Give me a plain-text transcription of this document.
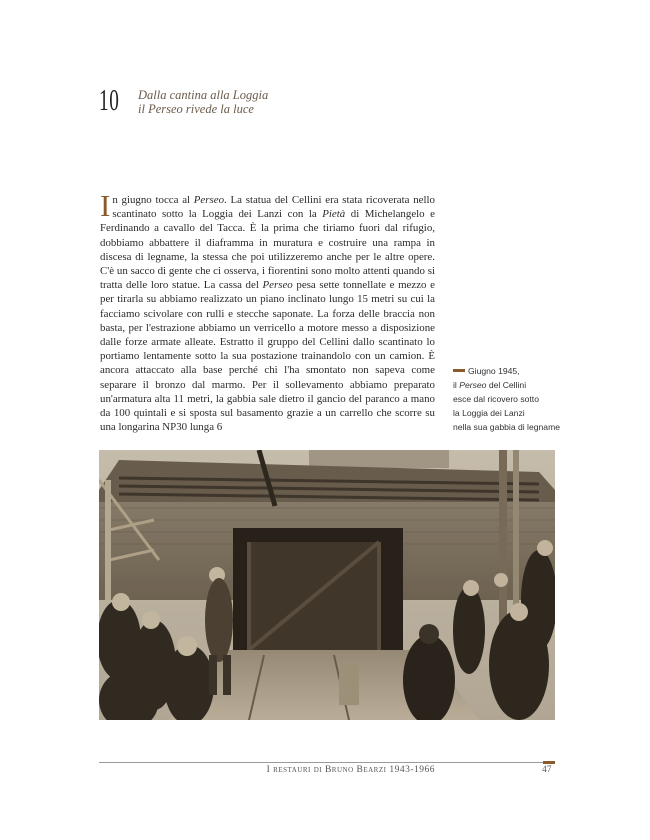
10 Dalla cantina alla Loggia
il Perseo rivede la luce

In giugno tocca al Perseo. La statua del Cellini era stata ricoverata nello scantinato sotto la Loggia dei Lanzi con la Pietà di Michelangelo e Ferdinando a cavallo del Tacca. È la prima che tiriamo fuori dal rifugio, dobbiamo abbattere il diaframma in muratura e costruire una rampa in discesa di legname, la stessa che poi utilizzeremo anche per le altre opere. C'è un sacco di gente che ci osserva, i fiorentini sono molto attenti quando si tratta delle loro statue. La cassa del Perseo pesa sette tonnellate e mezzo e per tirarla su abbiamo realizzato un piano inclinato lungo 15 metri su cui la facciamo scivolare con rulli e stecche saponate. La forza delle braccia non basta, per l'estrazione abbiamo un verricello a motore messo a disposizione dalle forze armate alleate. Estratto il gruppo del Cellini dallo scantinato lo portiamo lentamente sotto la sua postazione trainandolo con un camion. È ancora attaccato alla base perché chi l'ha smontato non sapeva come separare il bronzo dal marmo. Per il sollevamento abbiamo preparato un'armatura alta 11 metri, la gabbia sale dietro il gancio del paranco a mano da 100 quintali e si sposta sul basamento grazie a un carrello che scorre su una longarina NP30 lunga 6

Giugno 1945,
il Perseo del Cellini
esce dal ricovero sotto
la Loggia dei Lanzi
nella sua gabbia di legname
I restauri di Bruno Bearzi 1943-1966	47
